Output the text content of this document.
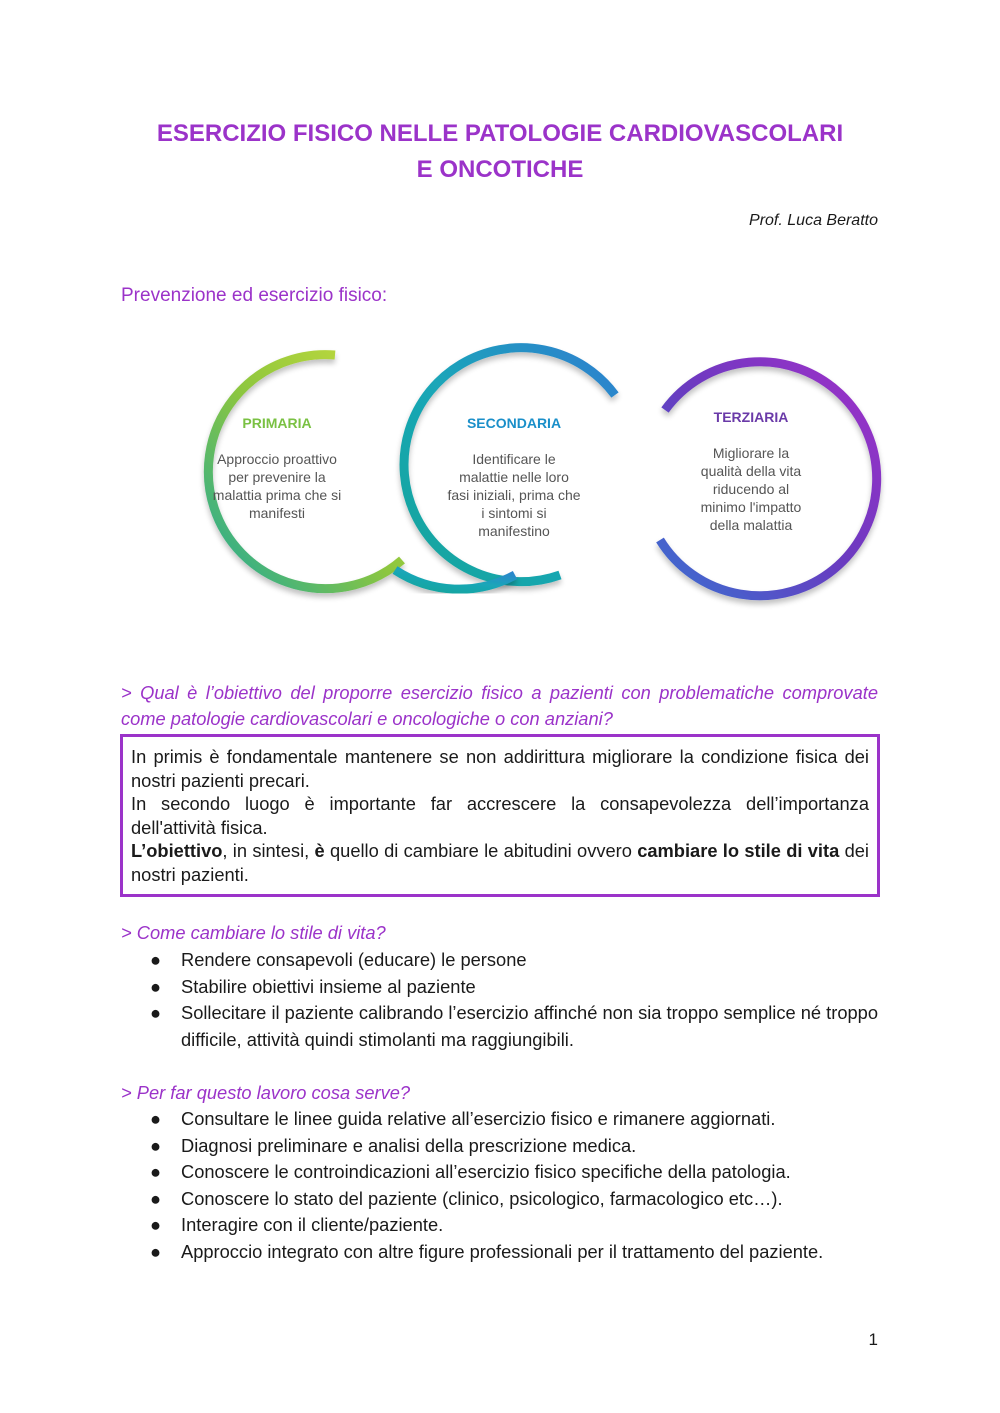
ESERCIZIO FISICO NELLE PATOLOGIE CARDIOVASCOLARI
E ONCOTICHE
Prof. Luca Beratto
Prevenzione ed esercizio fisico:
PRIMARIA
Approccio proattivo
per prevenire la
malattia prima che si
manifesti
SECONDARIA
Identificare le
malattie nelle loro
fasi iniziali, prima che
i sintomi si
manifestino
TERZIARIA
Migliorare la
qualità della vita
riducendo al
minimo l'impatto
della malattia
> Qual è l’obiettivo del proporre esercizio fisico a pazienti con problematiche comprovate come patologie cardiovascolari e oncologiche o con anziani?

In primis è fondamentale mantenere se non addirittura migliorare la condizione fisica dei nostri pazienti precari.

In secondo luogo è importante far accrescere la consapevolezza dell’importanza dell'attività fisica.

L’obiettivo, in sintesi, è quello di cambiare le abitudini ovvero cambiare lo stile di vita dei nostri pazienti.

> Come cambiare lo stile di vita?
●	Rendere consapevoli (educare) le persone
●	Stabilire obiettivi insieme al paziente
●	Sollecitare il paziente calibrando l’esercizio affinché non sia troppo semplice né troppo difficile, attività quindi stimolanti ma raggiungibili.
> Per far questo lavoro cosa serve?
●	Consultare le linee guida relative all’esercizio fisico e rimanere aggiornati.
●	Diagnosi preliminare e analisi della prescrizione medica.
●	Conoscere le controindicazioni all’esercizio fisico specifiche della patologia.
●	Conoscere lo stato del paziente (clinico, psicologico, farmacologico etc…).
●	Interagire con il cliente/paziente.
●	Approccio integrato con altre figure professionali per il trattamento del paziente.
1
